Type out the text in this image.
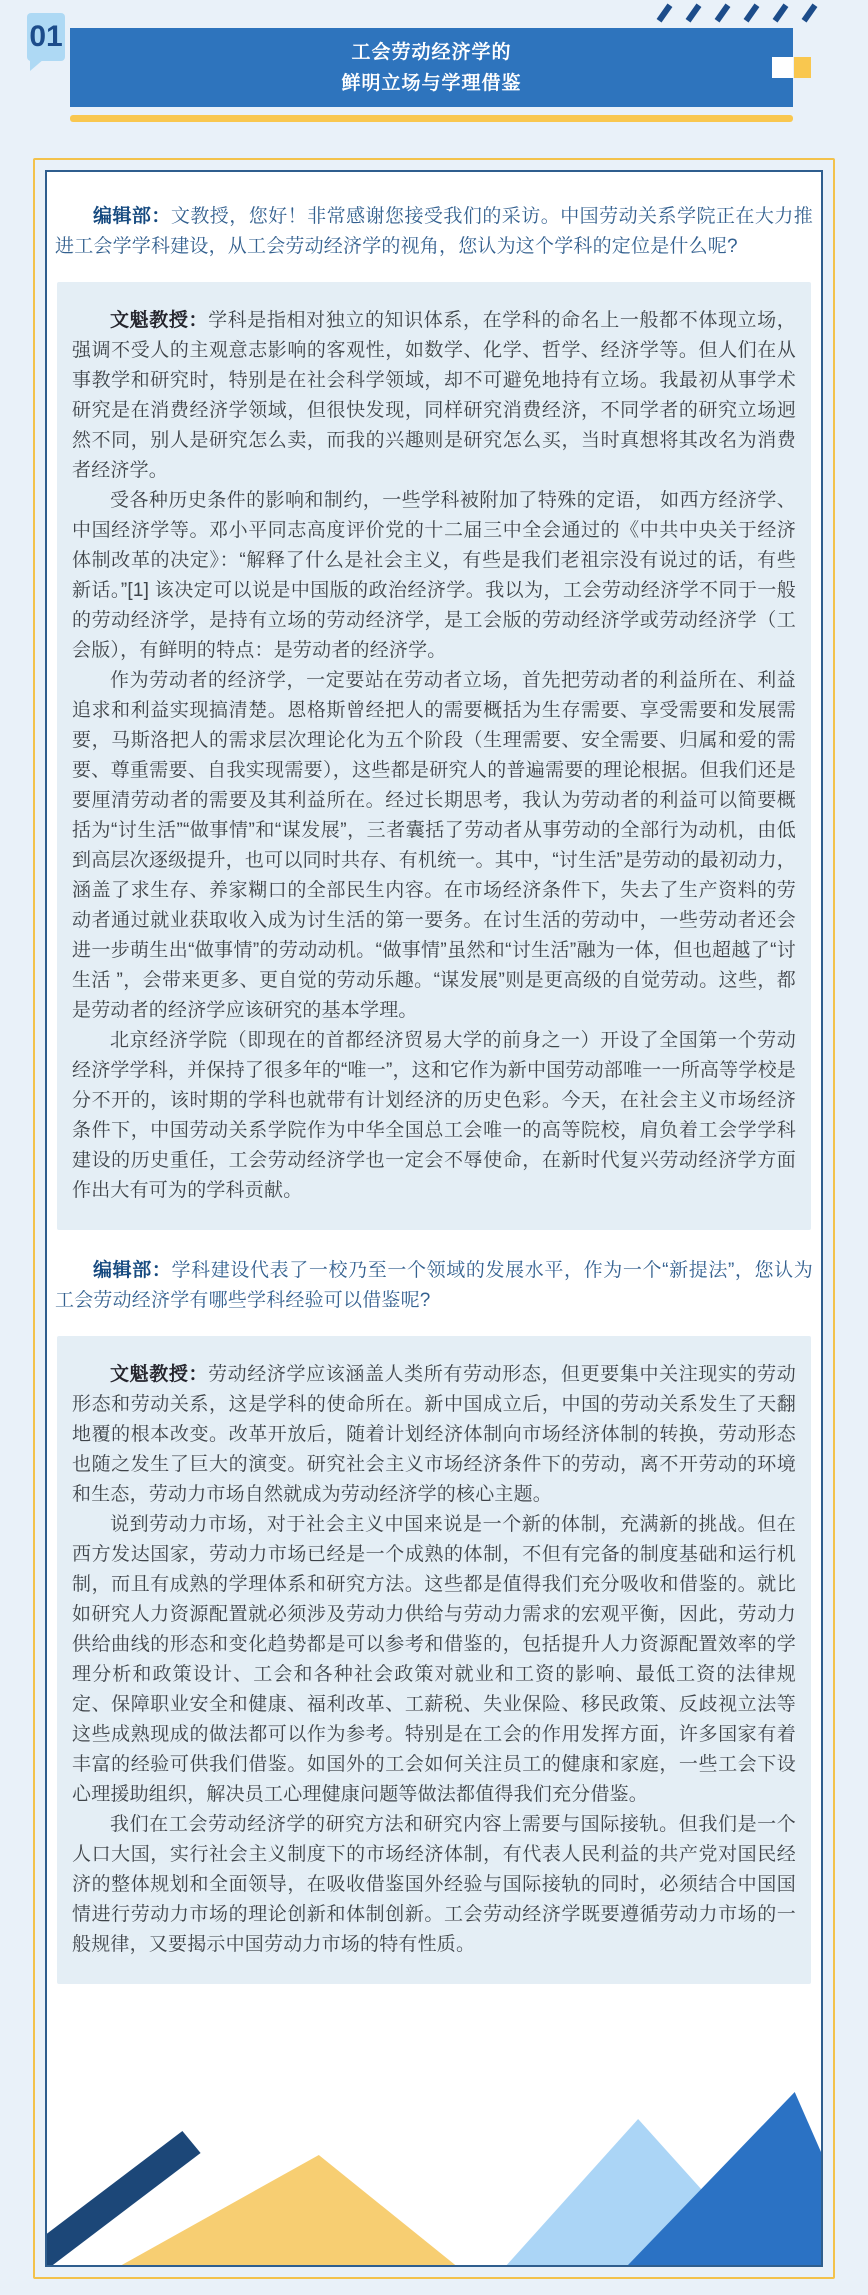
01	工会劳动经济学的
鲜明立场与学理借鉴

编辑部：文教授，您好！非常感谢您接受我们的采访。中国劳动关系学院正在大力推进工会学学科建设，从工会劳动经济学的视角，您认为这个学科的定位是什么呢?

文魁教授：学科是指相对独立的知识体系，在学科的命名上一般都不体现立场，强调不受人的主观意志影响的客观性，如数学、化学、哲学、经济学等。但人们在从事教学和研究时，特别是在社会科学领域，却不可避免地持有立场。我最初从事学术研究是在消费经济学领域，但很快发现，同样研究消费经济，不同学者的研究立场迥然不同，别人是研究怎么卖，而我的兴趣则是研究怎么买，当时真想将其改名为消费者经济学。

受各种历史条件的影响和制约，一些学科被附加了特殊的定语， 如西方经济学、中国经济学等。邓小平同志高度评价党的十二届三中全会通过的《中共中央关于经济体制改革的决定》：“解释了什么是社会主义，有些是我们老祖宗没有说过的话，有些新话。”[1] 该决定可以说是中国版的政治经济学。我以为，工会劳动经济学不同于一般的劳动经济学，是持有立场的劳动经济学，是工会版的劳动经济学或劳动经济学（工会版），有鲜明的特点：是劳动者的经济学。

作为劳动者的经济学，一定要站在劳动者立场，首先把劳动者的利益所在、利益追求和利益实现搞清楚。恩格斯曾经把人的需要概括为生存需要、享受需要和发展需要，马斯洛把人的需求层次理论化为五个阶段（生理需要、安全需要、归属和爱的需要、尊重需要、自我实现需要），这些都是研究人的普遍需要的理论根据。但我们还是要厘清劳动者的需要及其利益所在。经过长期思考，我认为劳动者的利益可以简要概括为“讨生活”“做事情”和“谋发展”，三者囊括了劳动者从事劳动的全部行为动机，由低到高层次逐级提升，也可以同时共存、有机统一。其中，“讨生活”是劳动的最初动力，涵盖了求生存、养家糊口的全部民生内容。在市场经济条件下，失去了生产资料的劳动者通过就业获取收入成为讨生活的第一要务。在讨生活的劳动中，一些劳动者还会进一步萌生出“做事情”的劳动动机。“做事情”虽然和“讨生活”融为一体，但也超越了“讨生活 ”，会带来更多、更自觉的劳动乐趣。“谋发展”则是更高级的自觉劳动。这些，都是劳动者的经济学应该研究的基本学理。

北京经济学院（即现在的首都经济贸易大学的前身之一）开设了全国第一个劳动经济学学科，并保持了很多年的“唯一”，这和它作为新中国劳动部唯一一所高等学校是分不开的，该时期的学科也就带有计划经济的历史色彩。今天，在社会主义市场经济条件下，中国劳动关系学院作为中华全国总工会唯一的高等院校，肩负着工会学学科建设的历史重任，工会劳动经济学也一定会不辱使命，在新时代复兴劳动经济学方面作出大有可为的学科贡献。

编辑部：学科建设代表了一校乃至一个领域的发展水平，作为一个“新提法”，您认为工会劳动经济学有哪些学科经验可以借鉴呢?

文魁教授：劳动经济学应该涵盖人类所有劳动形态，但更要集中关注现实的劳动形态和劳动关系，这是学科的使命所在。新中国成立后，中国的劳动关系发生了天翻地覆的根本改变。改革开放后，随着计划经济体制向市场经济体制的转换，劳动形态也随之发生了巨大的演变。研究社会主义市场经济条件下的劳动，离不开劳动的环境和生态，劳动力市场自然就成为劳动经济学的核心主题。

说到劳动力市场，对于社会主义中国来说是一个新的体制，充满新的挑战。但在西方发达国家，劳动力市场已经是一个成熟的体制，不但有完备的制度基础和运行机制，而且有成熟的学理体系和研究方法。这些都是值得我们充分吸收和借鉴的。就比如研究人力资源配置就必须涉及劳动力供给与劳动力需求的宏观平衡，因此，劳动力供给曲线的形态和变化趋势都是可以参考和借鉴的，包括提升人力资源配置效率的学理分析和政策设计、工会和各种社会政策对就业和工资的影响、最低工资的法律规定、保障职业安全和健康、福利改革、工薪税、失业保险、移民政策、反歧视立法等这些成熟现成的做法都可以作为参考。特别是在工会的作用发挥方面，许多国家有着丰富的经验可供我们借鉴。如国外的工会如何关注员工的健康和家庭，一些工会下设心理援助组织，解决员工心理健康问题等做法都值得我们充分借鉴。

我们在工会劳动经济学的研究方法和研究内容上需要与国际接轨。但我们是一个人口大国，实行社会主义制度下的市场经济体制，有代表人民利益的共产党对国民经济的整体规划和全面领导，在吸收借鉴国外经验与国际接轨的同时，必须结合中国国情进行劳动力市场的理论创新和体制创新。工会劳动经济学既要遵循劳动力市场的一般规律，又要揭示中国劳动力市场的特有性质。
